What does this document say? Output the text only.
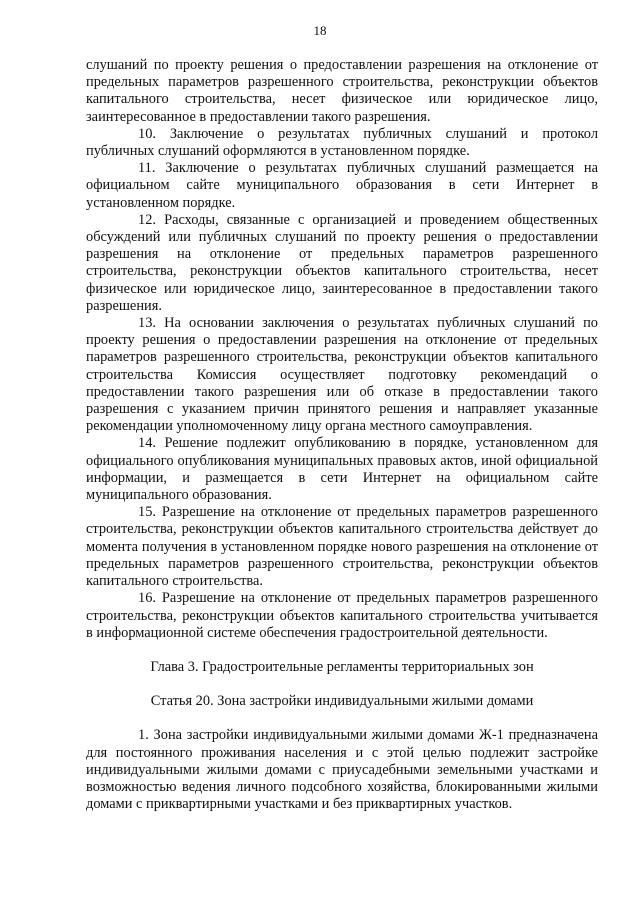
18

слушаний по проекту решения о предоставлении разрешения на отклонение от предельных параметров разрешенного строительства, реконструкции объектов капитального строительства, несет физическое или юридическое лицо, заинтересованное в предоставлении такого разрешения.

10. Заключение о результатах публичных слушаний и протокол публичных слушаний оформляются в установленном порядке.

11. Заключение о результатах публичных слушаний размещается на официальном сайте муниципального образования в сети Интернет в установленном порядке.

12. Расходы, связанные с организацией и проведением общественных обсуждений или публичных слушаний по проекту решения о предоставлении разрешения на отклонение от предельных параметров разрешенного строительства, реконструкции объектов капитального строительства, несет физическое или юридическое лицо, заинтересованное в предоставлении такого разрешения.

13. На основании заключения о результатах публичных слушаний по проекту решения о предоставлении разрешения на отклонение от предельных параметров разрешенного строительства, реконструкции объектов капитального строительства Комиссия осуществляет подготовку рекомендаций о предоставлении такого разрешения или об отказе в предоставлении такого разрешения с указанием причин принятого решения и направляет указанные рекомендации уполномоченному лицу органа местного самоуправления.

14. Решение подлежит опубликованию в порядке, установленном для официального опубликования муниципальных правовых актов, иной официальной информации, и размещается в сети Интернет на официальном сайте муниципального образования.

15. Разрешение на отклонение от предельных параметров разрешенного строительства, реконструкции объектов капитального строительства действует до момента получения в установленном порядке нового разрешения на отклонение от предельных параметров разрешенного строительства, реконструкции объектов капитального строительства.

16. Разрешение на отклонение от предельных параметров разрешенного строительства, реконструкции объектов капитального строительства учитывается в информационной системе обеспечения градостроительной деятельности.

Глава 3. Градостроительные регламенты территориальных зон

Статья 20. Зона застройки индивидуальными жилыми домами

1. Зона застройки индивидуальными жилыми домами Ж-1 предназначена для постоянного проживания населения и с этой целью подлежит застройке индивидуальными жилыми домами с приусадебными земельными участками и возможностью ведения личного подсобного хозяйства, блокированными жилыми домами с приквартирными участками и без приквартирных участков.
